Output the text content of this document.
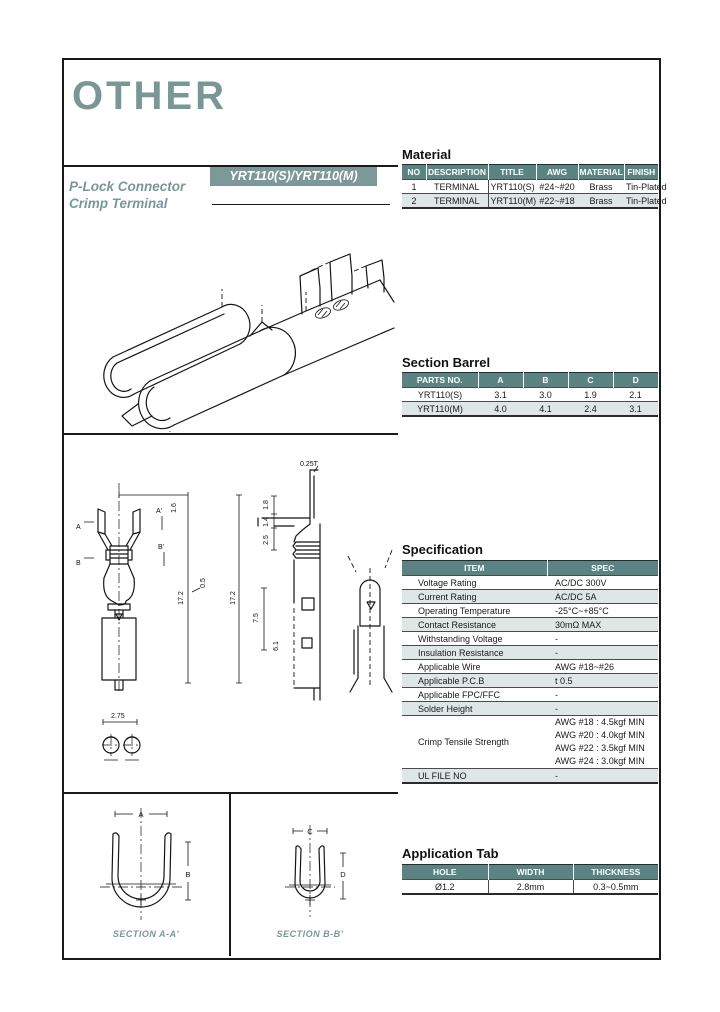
OTHER
YRT110(S)/YRT110(M)
P-Lock Connector
Crimp Terminal
A
B
A'
B'
1.6
17.2
0.5
17.2
0.25T
1.8
1.4
2.5
7.5
6.1
2.75
A
B
SECTION A-A'
C
D
SECTION B-B'
Material
NO	DESCRIPTION	TITLE	AWG	MATERIAL	FINISH
1	TERMINAL	YRT110(S)	#24~#20	Brass	Tin-Plated
2	TERMINAL	YRT110(M)	#22~#18	Brass	Tin-Plated
Section Barrel
PARTS NO.	A	B	C	D
YRT110(S)	3.1	3.0	1.9	2.1
YRT110(M)	4.0	4.1	2.4	3.1
Specification
ITEM	SPEC
Voltage Rating	AC/DC 300V
Current Rating	AC/DC 5A
Operating Temperature	-25°C~+85°C
Contact Resistance	30mΩ MAX
Withstanding Voltage	-
Insulation Resistance	-
Applicable Wire	AWG #18~#26
Applicable P.C.B	t 0.5
Applicable FPC/FFC	-
Solder Height	-
Crimp Tensile Strength	AWG #18 : 4.5kgf MIN
AWG #20 : 4.0kgf MIN
AWG #22 : 3.5kgf MIN
AWG #24 : 3.0kgf MIN

UL FILE NO	-
Application Tab
HOLE	WIDTH	THICKNESS
Ø1.2	2.8mm	0.3~0.5mm
